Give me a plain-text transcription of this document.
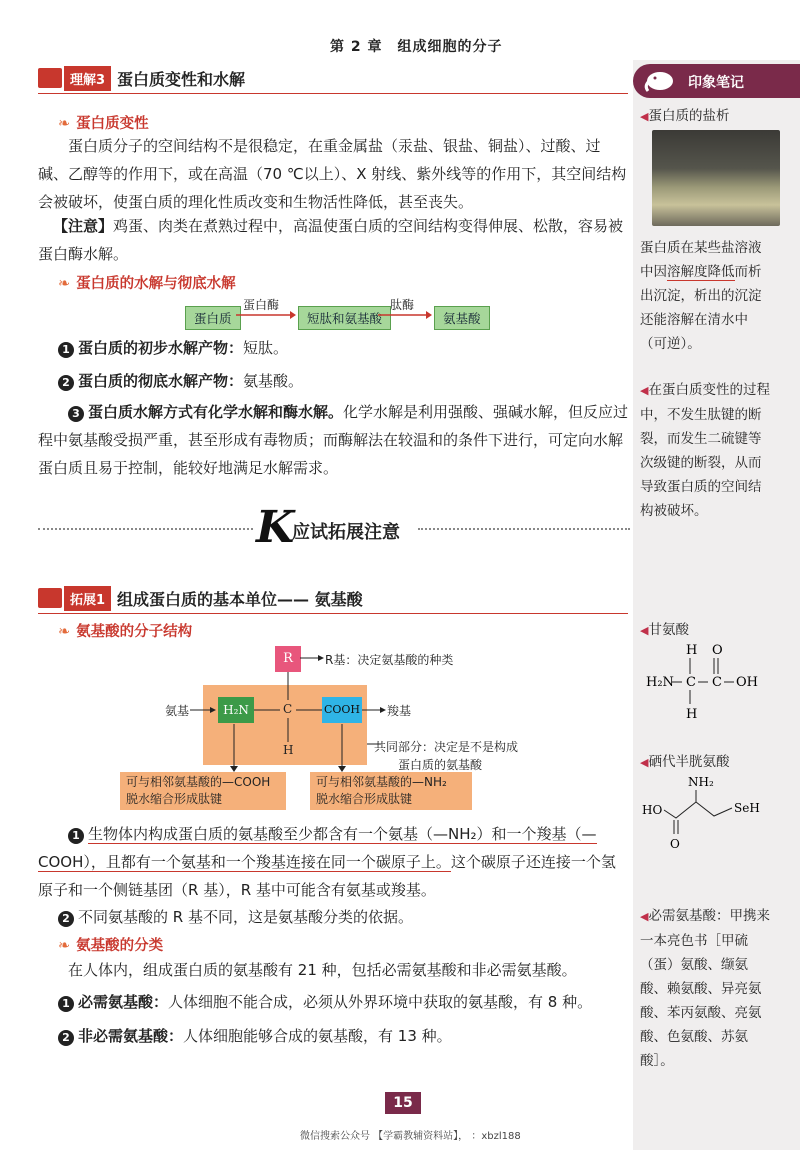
第 2 章　组成细胞的分子
印象笔记
◀蛋白质的盐析
蛋白质在某些盐溶液中因溶解度降低而析出沉淀，析出的沉淀还能溶解在清水中（可逆）。
◀在蛋白质变性的过程中，不发生肽键的断裂，而发生二硫键等次级键的断裂，从而导致蛋白质的空间结构被破坏。
◀甘氨酸
H O
H₂N C C OH
H
◀硒代半胱氨酸
NH₂
HO	SeH
O
◀必需氨基酸：甲携来一本亮色书［甲硫（蛋）氨酸、缬氨酸、赖氨酸、异亮氨酸、苯丙氨酸、亮氨酸、色氨酸、苏氨酸］。
理解3 蛋白质变性和水解
❧ 蛋白质变性
蛋白质分子的空间结构不是很稳定，在重金属盐（汞盐、银盐、铜盐）、过酸、过碱、乙醇等的作用下，或在高温（70 ℃以上）、X 射线、紫外线等的作用下，其空间结构会被破坏，使蛋白质的理化性质改变和生物活性降低，甚至丧失。
【注意】鸡蛋、肉类在煮熟过程中，高温使蛋白质的空间结构变得伸展、松散，容易被蛋白酶水解。
❧ 蛋白质的水解与彻底水解
蛋白质
蛋白酶
短肽和氨基酸
肽酶
氨基酸
1 蛋白质的初步水解产物：短肽。
2 蛋白质的彻底水解产物：氨基酸。
3 蛋白质水解方式有化学水解和酶水解。化学水解是利用强酸、强碱水解，但反应过程中氨基酸受损严重，甚至形成有毒物质；而酶解法在较温和的条件下进行，可定向水解蛋白质且易于控制，能较好地满足水解需求。
K
应试拓展注意
拓展1 组成蛋白质的基本单位—— 氨基酸
❧ 氨基酸的分子结构
R	R基：决定氨基酸的种类
氨基	H₂N	C
H
COOH 羧基
共同部分：决定是不是构成
蛋白质的氨基酸
可与相邻氨基酸的—COOH
脱水缩合形成肽键
可与相邻氨基酸的—NH₂
脱水缩合形成肽键
1 生物体内构成蛋白质的氨基酸至少都含有一个氨基（—NH₂）和一个羧基（—COOH），且都有一个氨基和一个羧基连接在同一个碳原子上。这个碳原子还连接一个氢原子和一个侧链基团（R 基），R 基中可能含有氨基或羧基。
2 不同氨基酸的 R 基不同，这是氨基酸分类的依据。
❧ 氨基酸的分类
在人体内，组成蛋白质的氨基酸有 21 种，包括必需氨基酸和非必需氨基酸。
1 必需氨基酸：人体细胞不能合成，必须从外界环境中获取的氨基酸，有 8 种。
2 非必需氨基酸：人体细胞能够合成的氨基酸，有 13 种。
15
微信搜索公众号 【学霸教辅资料站】， ：xbzl188
